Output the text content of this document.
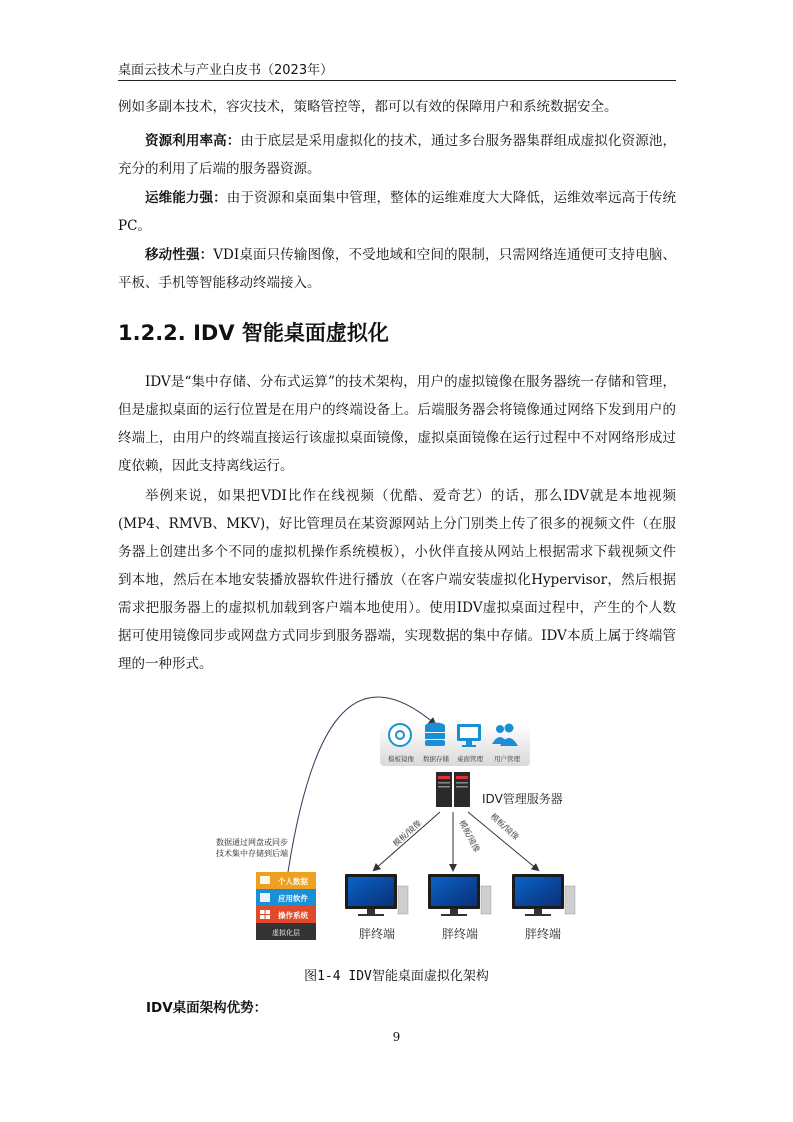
桌面云技术与产业白皮书（2023年）

例如多副本技术，容灾技术，策略管控等，都可以有效的保障用户和系统数据安全。

资源利用率高：由于底层是采用虚拟化的技术，通过多台服务器集群组成虚拟化资源池，充分的利用了后端的服务器资源。

运维能力强：由于资源和桌面集中管理，整体的运维难度大大降低，运维效率远高于传统PC。

移动性强：VDI桌面只传输图像，不受地域和空间的限制，只需网络连通便可支持电脑、平板、手机等智能移动终端接入。

1.2.2. IDV 智能桌面虚拟化

IDV是“集中存储、分布式运算”的技术架构，用户的虚拟镜像在服务器统一存储和管理，但是虚拟桌面的运行位置是在用户的终端设备上。后端服务器会将镜像通过网络下发到用户的终端上，由用户的终端直接运行该虚拟桌面镜像，虚拟桌面镜像在运行过程中不对网络形成过度依赖，因此支持离线运行。

举例来说，如果把VDI比作在线视频（优酷、爱奇艺）的话，那么IDV就是本地视频(MP4、RMVB、MKV)，好比管理员在某资源网站上分门别类上传了很多的视频文件（在服务器上创建出多个不同的虚拟机操作系统模板），小伙伴直接从网站上根据需求下载视频文件到本地，然后在本地安装播放器软件进行播放（在客户端安装虚拟化Hypervisor，然后根据需求把服务器上的虚拟机加载到客户端本地使用）。使用IDV虚拟桌面过程中，产生的个人数据可使用镜像同步或网盘方式同步到服务器端，实现数据的集中存储。IDV本质上属于终端管理的一种形式。

模板镜像 数据存储 桌面管理 用户管理
IDV管理服务器
模板/镜像	模板/镜像 模板/镜像
胖终端	胖终端	胖终端
数据通过网盘或同步
技术集中存储到后端
个人数据
应用软件
操作系统
虚拟化层
图1-4 IDV智能桌面虚拟化架构
IDV桌面架构优势：
9
